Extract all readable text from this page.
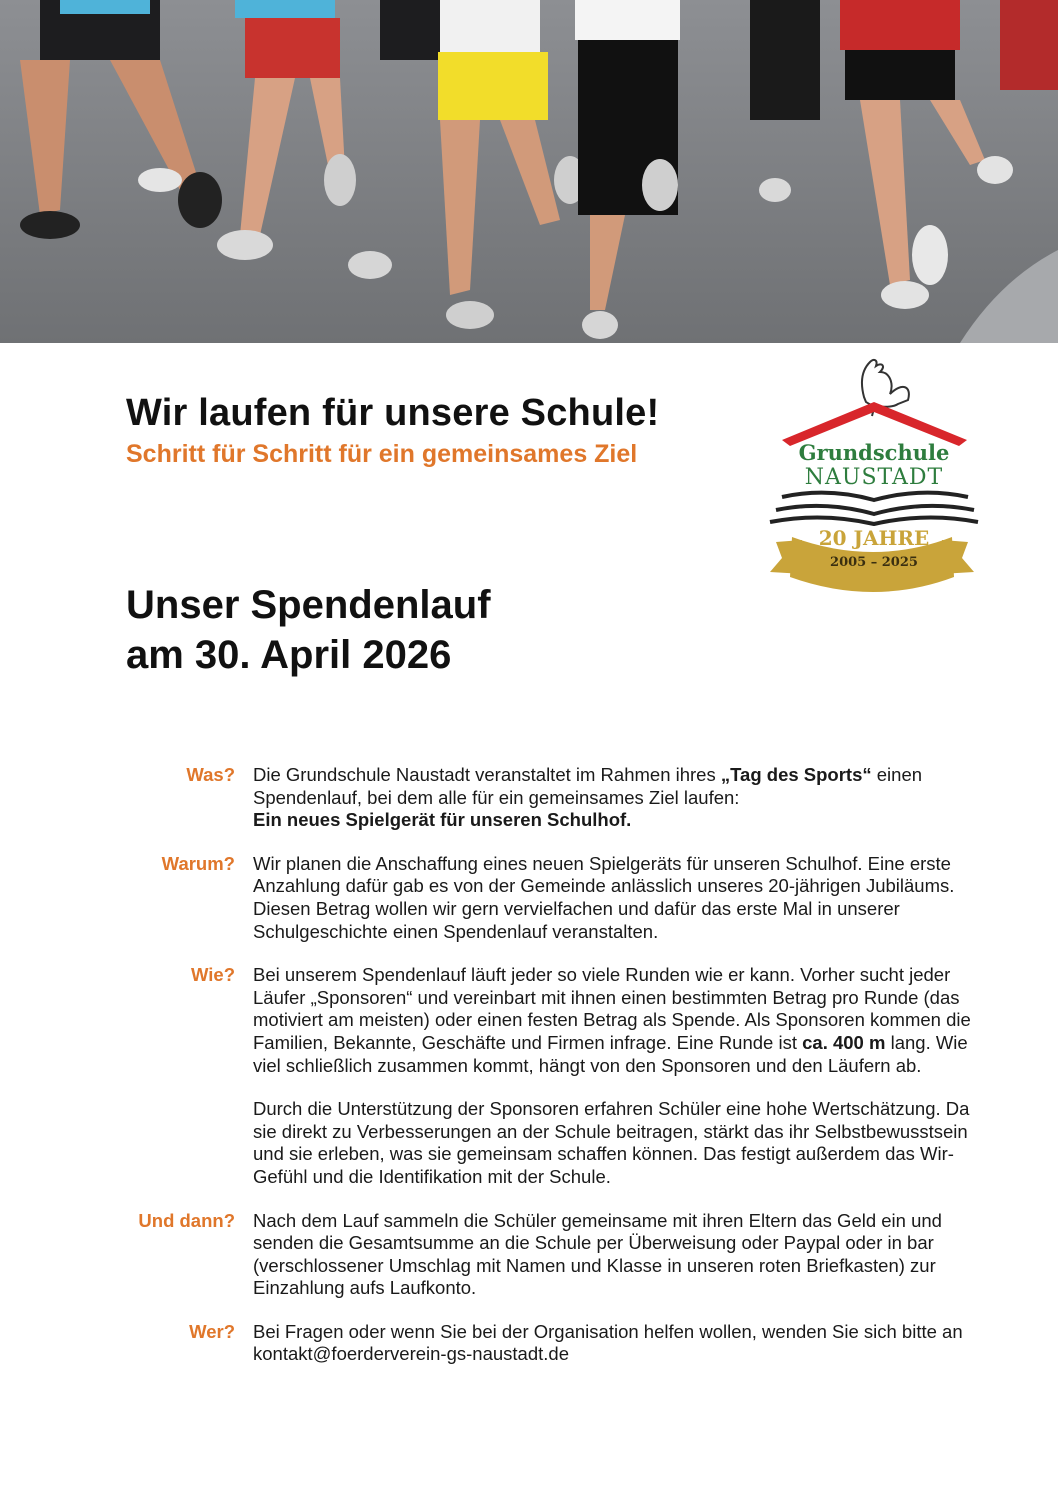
Grundschule
NAUSTADT
20 JAHRE
2005 – 2025
Wir laufen für unsere Schule!
Schritt für Schritt für ein gemeinsames Ziel
Unser Spendenlauf
am 30. April 2026
Was? Die Grundschule Naustadt veranstaltet im Rahmen ihres „Tag des Sports“ einen Spendenlauf, bei dem alle für ein gemeinsames Ziel laufen:

Ein neues Spielgerät für unseren Schulhof.

Warum? Wir planen die Anschaffung eines neuen Spielgeräts für unseren Schulhof. Eine erste Anzahlung dafür gab es von der Gemeinde anlässlich unseres 20-jährigen Jubiläums. Diesen Betrag wollen wir gern vervielfachen und dafür das erste Mal in unserer Schulgeschichte einen Spendenlauf veranstalten.

Wie? Bei unserem Spendenlauf läuft jeder so viele Runden wie er kann. Vorher sucht jeder Läufer „Sponsoren“ und vereinbart mit ihnen einen bestimmten Betrag pro Runde (das motiviert am meisten) oder einen festen Betrag als Spende. Als Sponsoren kommen die Familien, Bekannte, Geschäfte und Firmen infrage. Eine Runde ist ca. 400 m lang. Wie viel schließlich zusammen kommt, hängt von den Sponsoren und den Läufern ab.

Durch die Unterstützung der Sponsoren erfahren Schüler eine hohe Wertschätzung. Da sie direkt zu Verbesserungen an der Schule beitragen, stärkt das ihr Selbstbewusstsein und sie erleben, was sie gemeinsam schaffen können. Das festigt außerdem das Wir-Gefühl und die Identifikation mit der Schule.

Und dann? Nach dem Lauf sammeln die Schüler gemeinsame mit ihren Eltern das Geld ein und senden die Gesamtsumme an die Schule per Überweisung oder Paypal oder in bar (verschlossener Umschlag mit Namen und Klasse in unseren roten Briefkasten) zur Einzahlung aufs Laufkonto.

Wer? Bei Fragen oder wenn Sie bei der Organisation helfen wollen, wenden Sie sich bitte an kontakt@foerderverein-gs-naustadt.de
